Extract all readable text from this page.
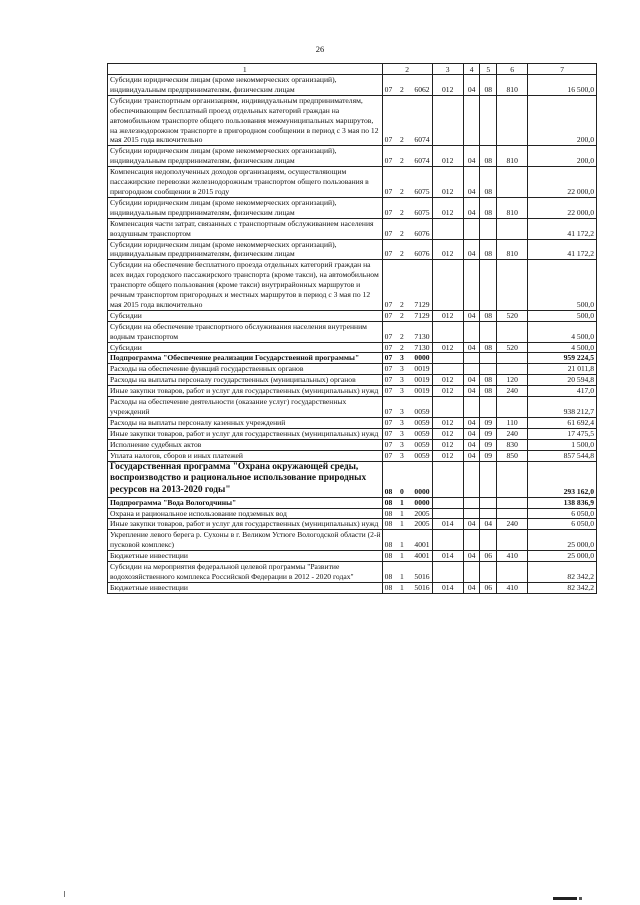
26
1	2			3	4	5	6	7
Субсидии юридическим лицам (кроме некоммерческих организаций), индивидуальным предпринимателям, физическим лицам	07	2	6062	012	04	08	810	16 500,0
Субсидии транспортным организациям, индивидуальным предпринимателям, обеспечивающим бесплатный проезд отдельных категорий граждан на автомобильном транспорте общего пользования межмуниципальных маршрутов, на железнодорожном транспорте в пригородном сообщении в период с 3 мая по 12 мая 2015 года включительно	07	2	6074					200,0
Субсидии юридическим лицам (кроме некоммерческих организаций), индивидуальным предпринимателям, физическим лицам	07	2	6074	012	04	08	810	200,0
Компенсация недополученных доходов организациям, осуществляющим пассажирские перевозки железнодорожным транспортом общего пользования в пригородном сообщении в 2015 году	07	2	6075	012	04	08		22 000,0
Субсидии юридическим лицам (кроме некоммерческих организаций), индивидуальным предпринимателям, физическим лицам	07	2	6075	012	04	08	810	22 000,0
Компенсация части затрат, связанных с транспортным обслуживанием населения воздушным транспортом	07	2	6076					41 172,2
Субсидии юридическим лицам (кроме некоммерческих организаций), индивидуальным предпринимателям, физическим лицам	07	2	6076	012	04	08	810	41 172,2
Субсидии на обеспечение бесплатного проезда отдельных категорий граждан на всех видах городского пассажирского транспорта (кроме такси), на автомобильном транспорте общего пользования (кроме такси) внутрирайонных маршрутов и речным транспортом пригородных и местных маршрутов в период с 3 мая по 12 мая 2015 года включительно	07	2	7129					500,0
Субсидии	07	2	7129	012	04	08	520	500,0
Субсидии на обеспечение транспортного обслуживания населения внутренним водным транспортом	07	2	7130					4 500,0
Субсидии	07	2	7130	012	04	08	520	4 500,0
Подпрограмма "Обеспечение реализации Государственной программы"	07	3	0000					959 224,5
Расходы на обеспечение функций государственных органов	07	3	0019					21 011,8
Расходы на выплаты персоналу государственных (муниципальных) органов	07	3	0019	012	04	08	120	20 594,8
Иные закупки товаров, работ и услуг для государственных (муниципальных) нужд	07	3	0019	012	04	08	240	417,0
Расходы на обеспечение деятельности (оказание услуг) государственных учреждений	07	3	0059					938 212,7
Расходы на выплаты персоналу казенных учреждений	07	3	0059	012	04	09	110	61 692,4
Иные закупки товаров, работ и услуг для государственных (муниципальных) нужд	07	3	0059	012	04	09	240	17 475,5
Исполнение судебных актов	07	3	0059	012	04	09	830	1 500,0
Уплата налогов, сборов и иных платежей	07	3	0059	012	04	09	850	857 544,8
Государственная программа "Охрана окружающей среды, воспроизводство и рациональное использование природных ресурсов на 2013-2020 годы"	08	0	0000					293 162,0
Подпрограмма "Вода Вологодчины"	08	1	0000					138 836,9
Охрана и рациональное использование подземных вод	08	1	2005					6 050,0
Иные закупки товаров, работ и услуг для государственных (муниципальных) нужд	08	1	2005	014	04	04	240	6 050,0
Укрепление левого берега р. Сухоны в г. Великом Устюге Вологодской области (2-й пусковой комплекс)	08	1	4001					25 000,0
Бюджетные инвестиции	08	1	4001	014	04	06	410	25 000,0
Субсидии на мероприятия федеральной целевой программы "Развитие водохозяйственного комплекса Российской Федерации в 2012 - 2020 годах"	08	1	5016					82 342,2
Бюджетные инвестиции	08	1	5016	014	04	06	410	82 342,2
